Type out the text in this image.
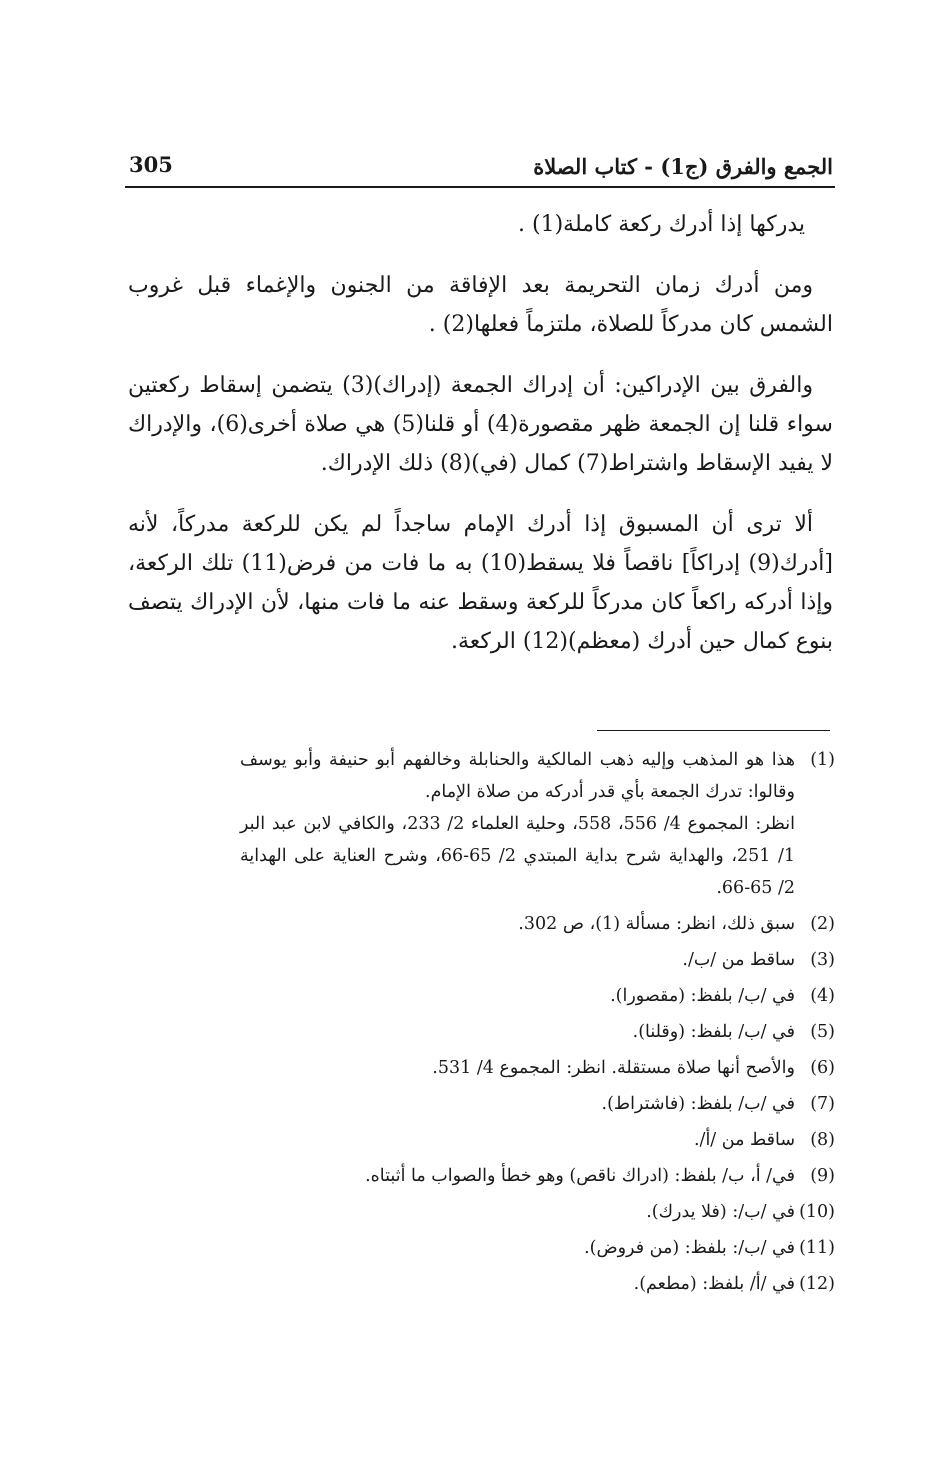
الجمع والفرق (ج1) - كتاب الصلاة
305

يدركها إذا أدرك ركعة كاملة(1) .

ومن أدرك زمان التحريمة بعد الإفاقة من الجنون والإغماء قبل غروب الشمس كان مدركاً للصلاة، ملتزماً فعلها(2) .

والفرق بين الإدراكين: أن إدراك الجمعة (إدراك)(3) يتضمن إسقاط ركعتين سواء قلنا إن الجمعة ظهر مقصورة(4) أو قلنا(5) هي صلاة أخرى(6)، والإدراك لا يفيد الإسقاط واشتراط(7) كمال (في)(8) ذلك الإدراك.

ألا ترى أن المسبوق إذا أدرك الإمام ساجداً لم يكن للركعة مدركاً، لأنه [أدرك(9) إدراكاً] ناقصاً فلا يسقط(10) به ما فات من فرض(11) تلك الركعة، وإذا أدركه راكعاً كان مدركاً للركعة وسقط عنه ما فات منها، لأن الإدراك يتصف بنوع كمال حين أدرك (معظم)(12) الركعة.

(1)
هذا هو المذهب وإليه ذهب المالكية والحنابلة وخالفهم أبو حنيفة وأبو يوسف وقالوا: تدرك الجمعة بأي قدر أدركه من صلاة الإمام.
انظر: المجموع 4/ 556، 558، وحلية العلماء 2/ 233، والكافي لابن عبد البر 1/ 251، والهداية شرح بداية المبتدي 2/ 65-66، وشرح العناية على الهداية 2/ 65-66.
(2)
سبق ذلك، انظر: مسألة (1)، ص 302.
(3)
ساقط من /ب/.
(4)
في /ب/ بلفظ: (مقصورا).
(5)
في /ب/ بلفظ: (وقلنا).
(6)
والأصح أنها صلاة مستقلة. انظر: المجموع 4/ 531.
(7)
في /ب/ بلفظ: (فاشتراط).
(8)
ساقط من /أ/.
(9)
في/ أ، ب/ بلفظ: (ادراك ناقص) وهو خطأ والصواب ما أثبتاه.
(10)
في /ب/: (فلا يدرك).
(11)
في /ب/: بلفظ: (من فروض).
(12)
في /أ/ بلفظ: (مطعم).
